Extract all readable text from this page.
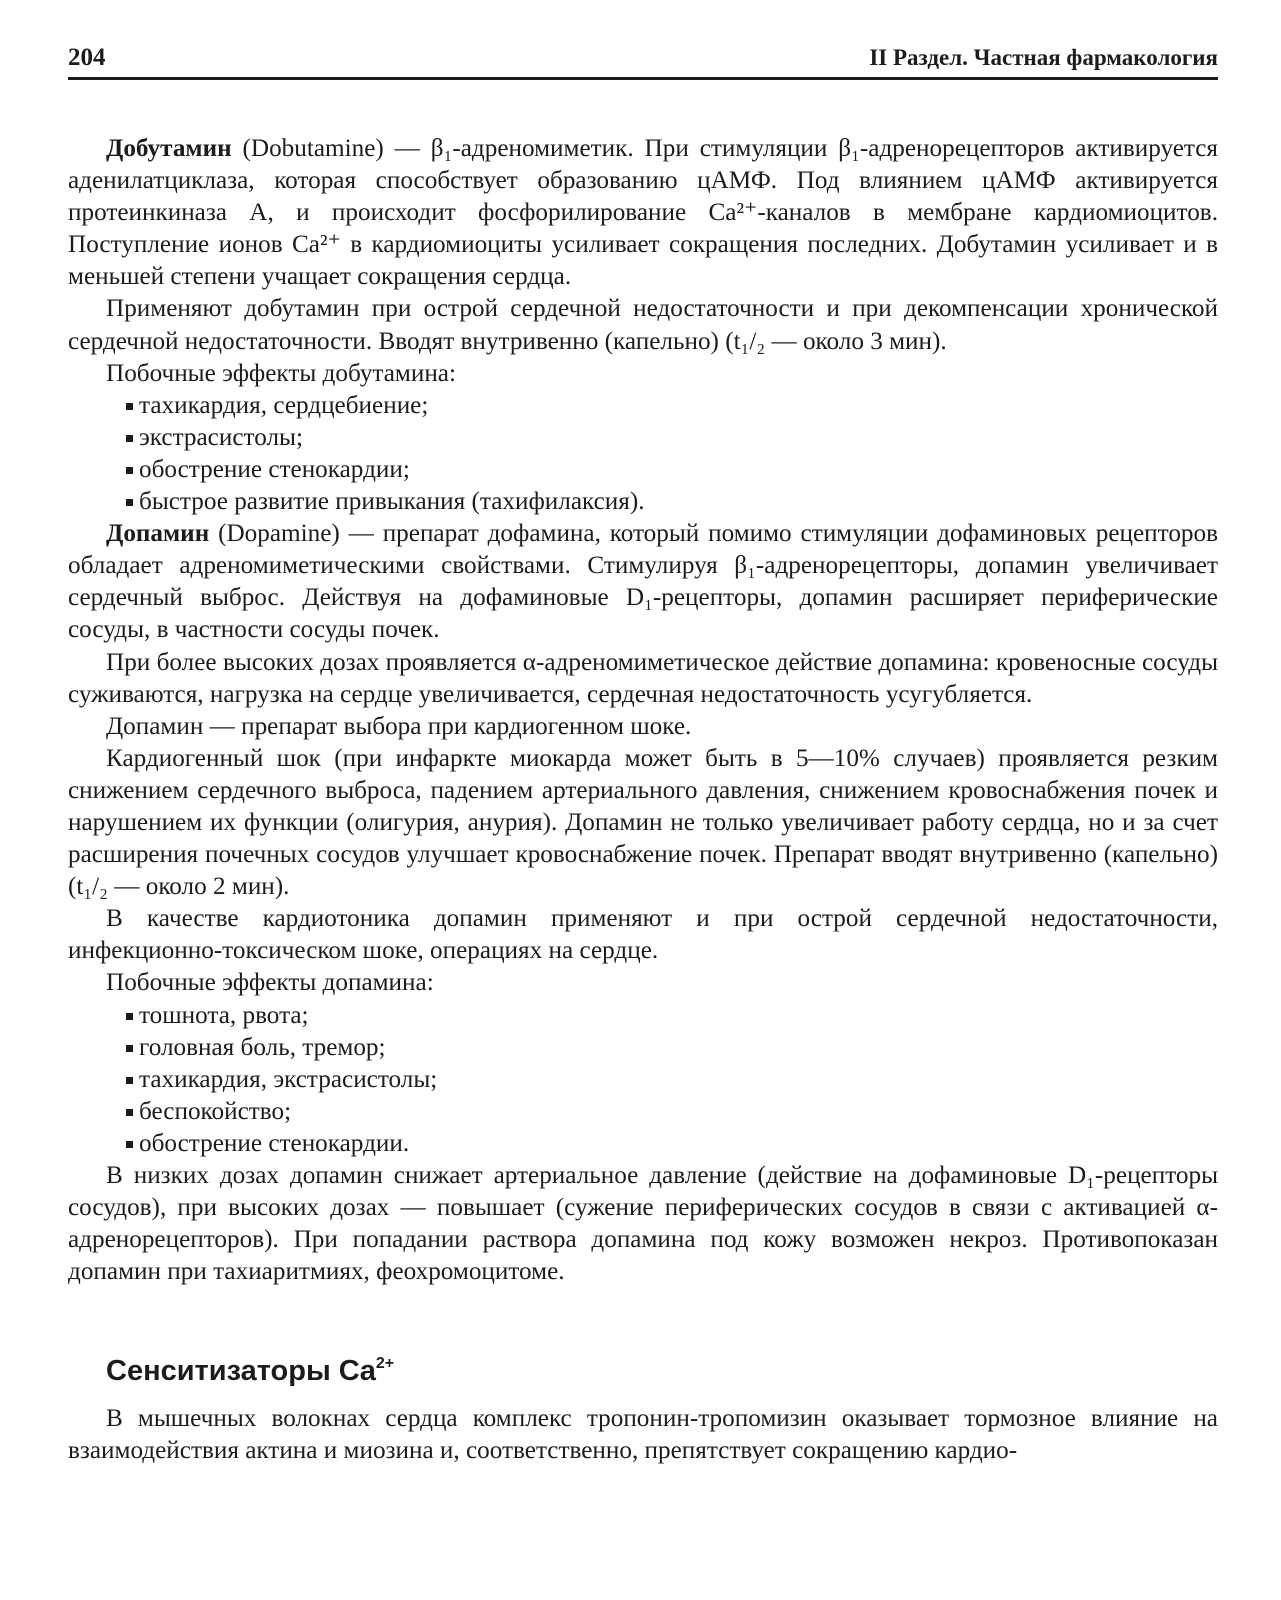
204	II Раздел. Частная фармакология

Добутамин (Dobutamine) — β₁-адреномиметик. При стимуляции β₁-адренорецепторов активируется аденилатциклаза, которая способствует образованию цАМФ. Под влиянием цАМФ активируется протеинкиназа А, и происходит фосфорилирование Ca²⁺-каналов в мембране кардиомиоцитов. Поступление ионов Ca²⁺ в кардиомиоциты усиливает сокращения последних. Добутамин усиливает и в меньшей степени учащает сокращения сердца.

Применяют добутамин при острой сердечной недостаточности и при декомпенсации хронической сердечной недостаточности. Вводят внутривенно (капельно) (t₁/₂ — около 3 мин).

Побочные эффекты добутамина:

тахикардия, сердцебиение;
экстрасистолы;
обострение стенокардии;
быстрое развитие привыкания (тахифилаксия).

Допамин (Dopamine) — препарат дофамина, который помимо стимуляции дофаминовых рецепторов обладает адреномиметическими свойствами. Стимулируя β₁-адренорецепторы, допамин увеличивает сердечный выброс. Действуя на дофаминовые D₁-рецепторы, допамин расширяет периферические сосуды, в частности сосуды почек.

При более высоких дозах проявляется α-адреномиметическое действие допамина: кровеносные сосуды суживаются, нагрузка на сердце увеличивается, сердечная недостаточность усугубляется.

Допамин — препарат выбора при кардиогенном шоке.

Кардиогенный шок (при инфаркте миокарда может быть в 5—10% случаев) проявляется резким снижением сердечного выброса, падением артериального давления, снижением кровоснабжения почек и нарушением их функции (олигурия, анурия). Допамин не только увеличивает работу сердца, но и за счет расширения почечных сосудов улучшает кровоснабжение почек. Препарат вводят внутривенно (капельно) (t₁/₂ — около 2 мин).

В качестве кардиотоника допамин применяют и при острой сердечной недостаточности, инфекционно-токсическом шоке, операциях на сердце.

Побочные эффекты допамина:

тошнота, рвота;
головная боль, тремор;
тахикардия, экстрасистолы;
беспокойство;
обострение стенокардии.

В низких дозах допамин снижает артериальное давление (действие на дофаминовые D₁-рецепторы сосудов), при высоких дозах — повышает (сужение периферических сосудов в связи с активацией α-адренорецепторов). При попадании раствора допамина под кожу возможен некроз. Противопоказан допамин при тахиаритмиях, феохромоцитоме.

Сенситизаторы $Ca^{2+}$

В мышечных волокнах сердца комплекс тропонин-тропомизин оказывает тормозное влияние на взаимодействия актина и миозина и, соответственно, препятствует сокращению кардио-
